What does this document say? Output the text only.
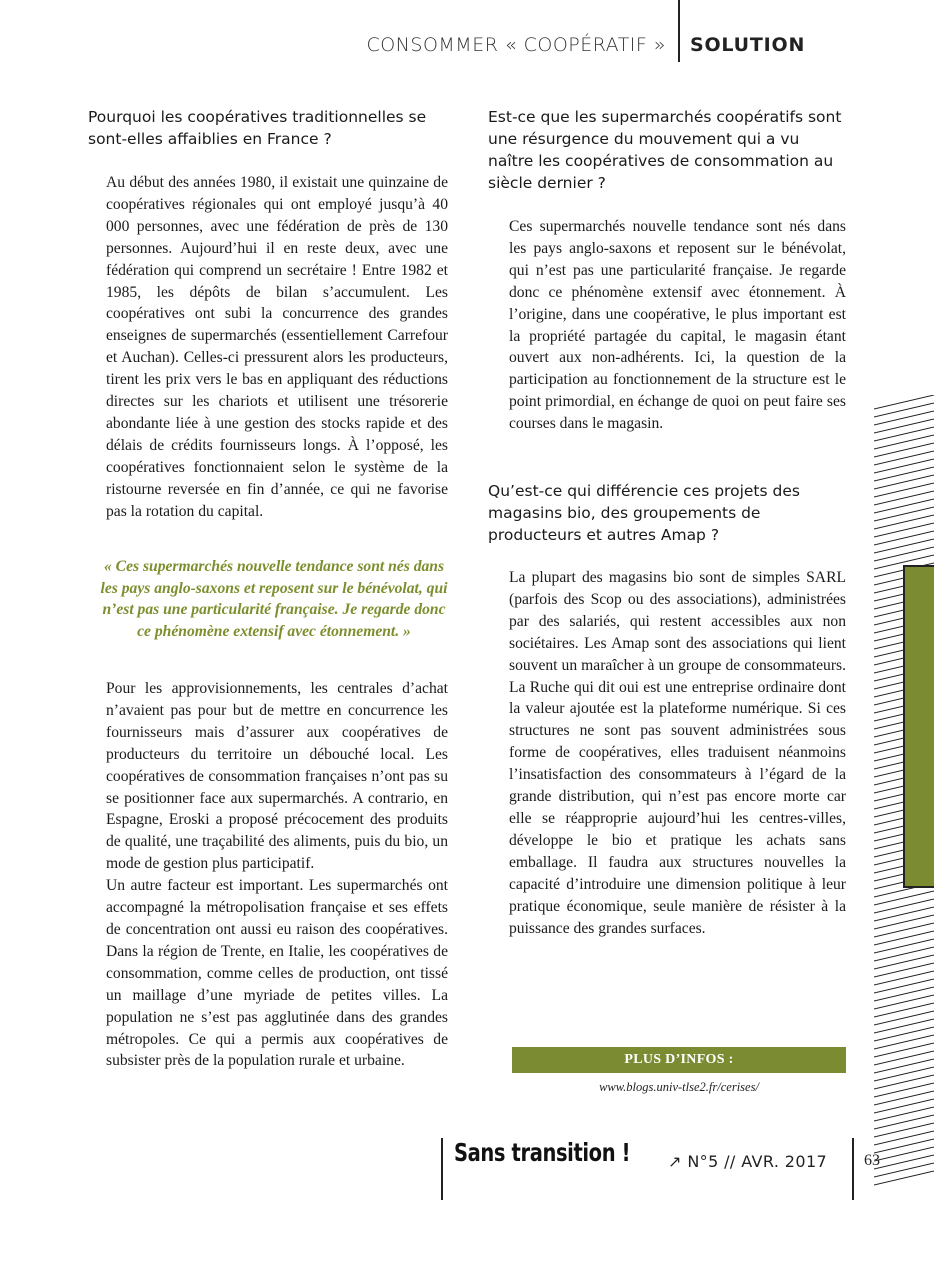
CONSOMMER « COOPÉRATIF » SOLUTION

Pourquoi les coopératives traditionnelles se sont-elles affaiblies en France ?

Au début des années 1980, il existait une quinzaine de coopératives régionales qui ont employé jusqu’à 40 000 personnes, avec une fédération de près de 130 personnes. Aujourd’hui il en reste deux, avec une fédération qui comprend un secrétaire ! Entre 1982 et 1985, les dépôts de bilan s’accumulent. Les coopératives ont subi la concurrence des grandes enseignes de supermarchés (essentiellement Carrefour et Auchan). Celles-ci pressurent alors les producteurs, tirent les prix vers le bas en appliquant des réductions directes sur les chariots et utilisent une trésorerie abondante liée à une gestion des stocks rapide et des délais de crédits fournisseurs longs. À l’opposé, les coopératives fonctionnaient selon le système de la ristourne reversée en fin d’année, ce qui ne favorise pas la rotation du capital.

« Ces supermarchés nouvelle tendance sont nés dans les pays anglo-saxons et reposent sur le bénévolat, qui n’est pas une particularité française. Je regarde donc ce phénomène extensif avec étonnement. »

Pour les approvisionnements, les centrales d’achat n’avaient pas pour but de mettre en concurrence les fournisseurs mais d’assurer aux coopératives de producteurs du territoire un débouché local. Les coopératives de consommation françaises n’ont pas su se positionner face aux supermarchés. A contrario, en Espagne, Eroski a proposé précocement des produits de qualité, une traçabilité des aliments, puis du bio, un mode de gestion plus participatif.

Un autre facteur est important. Les supermarchés ont accompagné la métropolisation française et ses effets de concentration ont aussi eu raison des coopératives. Dans la région de Trente, en Italie, les coopératives de consommation, comme celles de production, ont tissé un maillage d’une myriade de petites villes. La population ne s’est pas agglutinée dans des grandes métropoles. Ce qui a permis aux coopératives de subsister près de la population rurale et urbaine.

Est-ce que les supermarchés coopératifs sont une résurgence du mouvement qui a vu naître les coopératives de consommation au siècle dernier ?

Ces supermarchés nouvelle tendance sont nés dans les pays anglo-saxons et reposent sur le bénévolat, qui n’est pas une particularité française. Je regarde donc ce phénomène extensif avec étonnement. À l’origine, dans une coopérative, le plus important est la propriété partagée du capital, le magasin étant ouvert aux non-adhérents. Ici, la question de la participation au fonctionnement de la structure est le point primordial, en échange de quoi on peut faire ses courses dans le magasin.

Qu’est-ce qui différencie ces projets des magasins bio, des groupements de producteurs et autres Amap ?

La plupart des magasins bio sont de simples SARL (parfois des Scop ou des associations), administrées par des salariés, qui restent accessibles aux non sociétaires. Les Amap sont des associations qui lient souvent un maraîcher à un groupe de consommateurs. La Ruche qui dit oui est une entreprise ordinaire dont la valeur ajoutée est la plateforme numérique. Si ces structures ne sont pas souvent administrées sous forme de coopératives, elles traduisent néanmoins l’insatisfaction des consommateurs à l’égard de la grande distribution, qui n’est pas encore morte car elle se réapproprie aujourd’hui les centres-villes, développe le bio et pratique les achats sans emballage. Il faudra aux structures nouvelles la capacité d’introduire une dimension politique à leur pratique économique, seule manière de résister à la puissance des grandes surfaces.

PLUS D’INFOS :
www.blogs.univ-tlse2.fr/cerises/
Sans transition ! ↗ N°5 // AVR. 2017 63
